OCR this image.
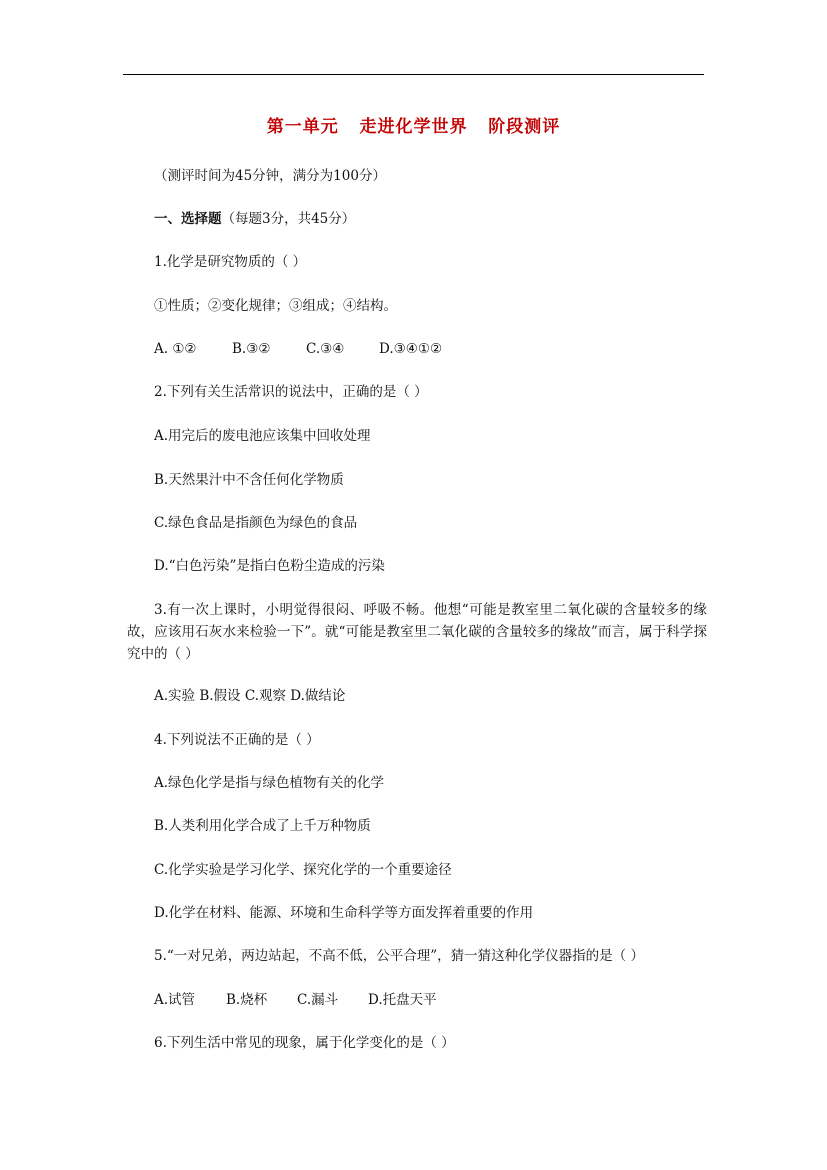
第一单元   走进化学世界   阶段测评
（测评时间为45分钟，满分为100分）
一、选择题（每题3分，共45分）
1.化学是研究物质的（ ）
①性质；②变化规律；③组成；④结构。
A. ①②	B.③②	C.③④	D.③④①②
2.下列有关生活常识的说法中，正确的是（ ）
A.用完后的废电池应该集中回收处理
B.天然果汁中不含任何化学物质
C.绿色食品是指颜色为绿色的食品
D.“白色污染”是指白色粉尘造成的污染
3.有一次上课时，小明觉得很闷、呼吸不畅。他想“可能是教室里二氧化碳的含量较多的缘故，应该用石灰水来检验一下”。就“可能是教室里二氧化碳的含量较多的缘故”而言，属于科学探究中的（ ）
A.实验 B.假设 C.观察 D.做结论
4.下列说法不正确的是（ ）
A.绿色化学是指与绿色植物有关的化学
B.人类利用化学合成了上千万种物质
C.化学实验是学习化学、探究化学的一个重要途径
D.化学在材料、能源、环境和生命科学等方面发挥着重要的作用
5.“一对兄弟，两边站起，不高不低，公平合理”，猜一猜这种化学仪器指的是（ ）
A.试管 B.烧杯 C.漏斗 D.托盘天平
6.下列生活中常见的现象，属于化学变化的是（ ）
